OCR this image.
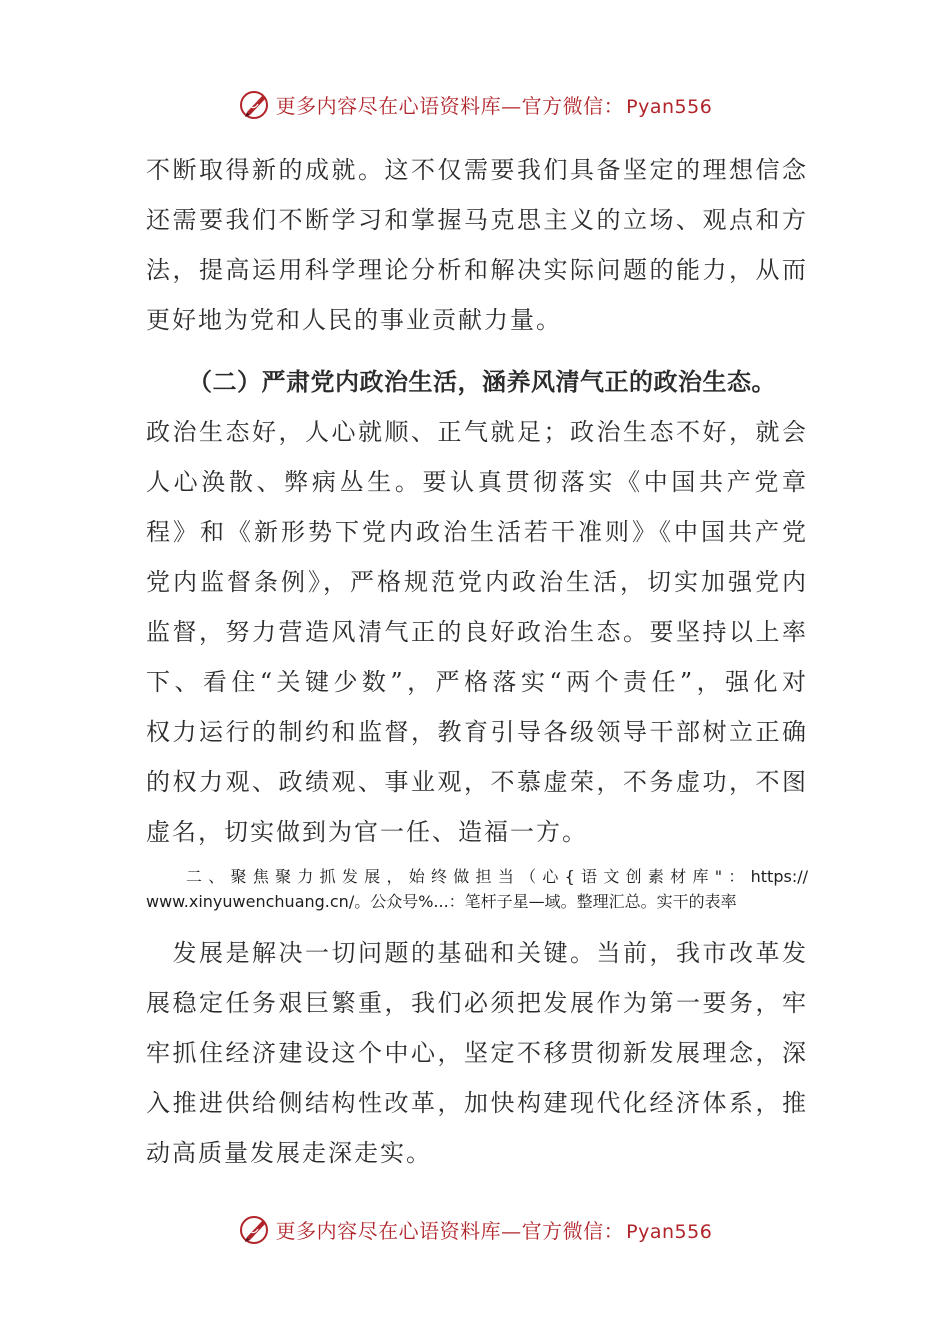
更多内容尽在心语资料库—官方微信： Pyan556
不断取得新的成就。这不仅需要我们具备坚定的理想信念
还需要我们不断学习和掌握马克思主义的立场、观点和方
法，提高运用科学理论分析和解决实际问题的能力，从而
更好地为党和人民的事业贡献力量。
（二）严肃党内政治生活，涵养风清气正的政治生态。
政治生态好，人心就顺、正气就足；政治生态不好，就会
人心涣散、弊病丛生。要认真贯彻落实《中国共产党章
程》和《新形势下党内政治生活若干准则》《中国共产党
党内监督条例》，严格规范党内政治生活，切实加强党内
监督，努力营造风清气正的良好政治生态。要坚持以上率
下、看住“关键少数”，严格落实“两个责任”，强化对
权力运行的制约和监督，教育引导各级领导干部树立正确
的权力观、政绩观、事业观，不慕虚荣，不务虚功，不图
虚名，切实做到为官一任、造福一方。
二、聚焦聚力抓发展，始终做担当（心{语文创素材库"：https://
www.xinyuwenchuang.cn/。公众号%...：笔杆子星—域。整理汇总。实干的表率
　发展是解决一切问题的基础和关键。当前，我市改革发
展稳定任务艰巨繁重，我们必须把发展作为第一要务，牢
牢抓住经济建设这个中心，坚定不移贯彻新发展理念，深
入推进供给侧结构性改革，加快构建现代化经济体系，推
动高质量发展走深走实。
更多内容尽在心语资料库—官方微信： Pyan556
